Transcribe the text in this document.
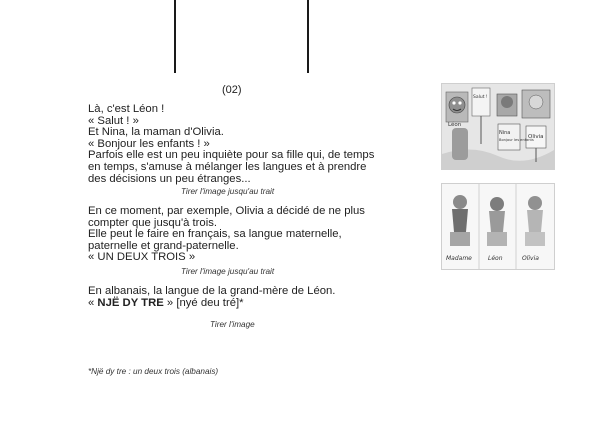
(02)
Là, c'est Léon !
« Salut ! »
Et Nina, la maman d'Olivia.
« Bonjour les enfants ! »
Parfois elle est un peu inquiète pour sa fille qui, de temps
en temps, s'amuse à mélanger les langues et à prendre
des décisions un peu étranges...
Tirer l'image jusqu'au trait
En ce moment, par exemple, Olivia a décidé de ne plus
compter que jusqu'à trois.
Elle peut le faire en français, sa langue maternelle,
paternelle et grand-paternelle.
« UN DEUX TROIS »
Tirer l'image jusqu'au trait
En albanais, la langue de la grand-mère de Léon.
« NJË DY TRE » [nyé deu tré]*
Tirer l'image
*Një dy tre : un deux trois (albanais)
Léon
Salut !
Nina
Bonjour les enfants
Olivia
Madame	Léon	Olivia
